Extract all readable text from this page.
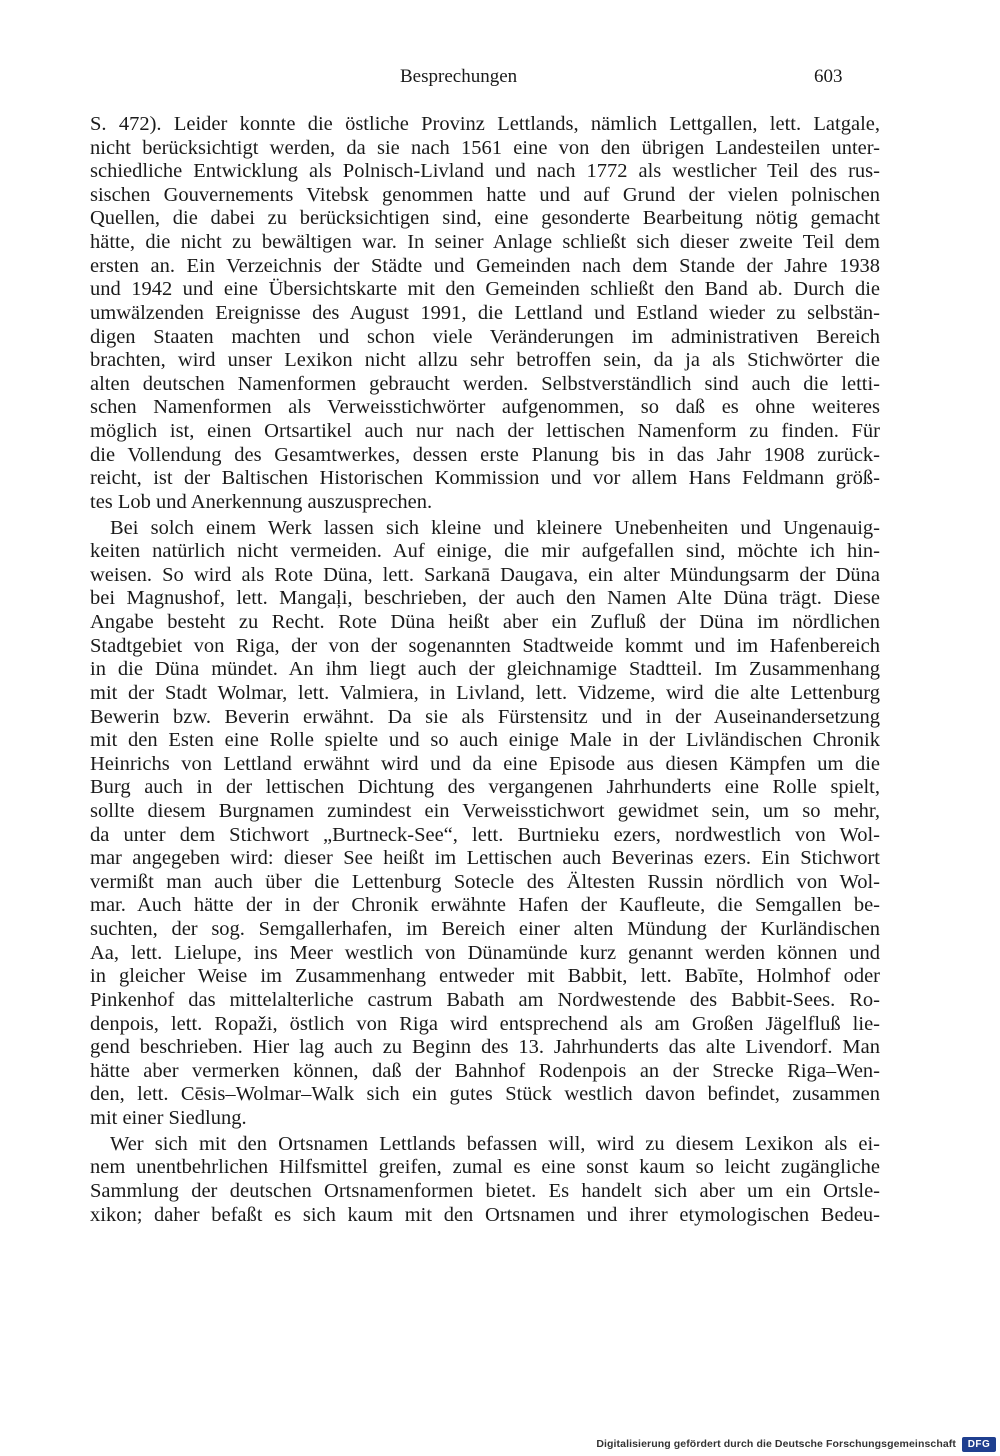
Besprechungen	603
S. 472). Leider konnte die östliche Provinz Lettlands, nämlich Lettgallen, lett. Latgale,
nicht berücksichtigt werden, da sie nach 1561 eine von den übrigen Landesteilen unter-
schiedliche Entwicklung als Polnisch-Livland und nach 1772 als westlicher Teil des rus-
sischen Gouvernements Vitebsk genommen hatte und auf Grund der vielen polnischen
Quellen, die dabei zu berücksichtigen sind, eine gesonderte Bearbeitung nötig gemacht
hätte, die nicht zu bewältigen war. In seiner Anlage schließt sich dieser zweite Teil dem
ersten an. Ein Verzeichnis der Städte und Gemeinden nach dem Stande der Jahre 1938
und 1942 und eine Übersichtskarte mit den Gemeinden schließt den Band ab. Durch die
umwälzenden Ereignisse des August 1991, die Lettland und Estland wieder zu selbstän-
digen Staaten machten und schon viele Veränderungen im administrativen Bereich
brachten, wird unser Lexikon nicht allzu sehr betroffen sein, da ja als Stichwörter die
alten deutschen Namenformen gebraucht werden. Selbstverständlich sind auch die letti-
schen Namenformen als Verweisstichwörter aufgenommen, so daß es ohne weiteres
möglich ist, einen Ortsartikel auch nur nach der lettischen Namenform zu finden. Für
die Vollendung des Gesamtwerkes, dessen erste Planung bis in das Jahr 1908 zurück-
reicht, ist der Baltischen Historischen Kommission und vor allem Hans Feldmann größ-
tes Lob und Anerkennung auszusprechen.
Bei solch einem Werk lassen sich kleine und kleinere Unebenheiten und Ungenauig-
keiten natürlich nicht vermeiden. Auf einige, die mir aufgefallen sind, möchte ich hin-
weisen. So wird als Rote Düna, lett. Sarkanā Daugava, ein alter Mündungsarm der Düna
bei Magnushof, lett. Mangaļi, beschrieben, der auch den Namen Alte Düna trägt. Diese
Angabe besteht zu Recht. Rote Düna heißt aber ein Zufluß der Düna im nördlichen
Stadtgebiet von Riga, der von der sogenannten Stadtweide kommt und im Hafenbereich
in die Düna mündet. An ihm liegt auch der gleichnamige Stadtteil. Im Zusammenhang
mit der Stadt Wolmar, lett. Valmiera, in Livland, lett. Vidzeme, wird die alte Lettenburg
Bewerin bzw. Beverin erwähnt. Da sie als Fürstensitz und in der Auseinandersetzung
mit den Esten eine Rolle spielte und so auch einige Male in der Livländischen Chronik
Heinrichs von Lettland erwähnt wird und da eine Episode aus diesen Kämpfen um die
Burg auch in der lettischen Dichtung des vergangenen Jahrhunderts eine Rolle spielt,
sollte diesem Burgnamen zumindest ein Verweisstichwort gewidmet sein, um so mehr,
da unter dem Stichwort „Burtneck-See“, lett. Burtnieku ezers, nordwestlich von Wol-
mar angegeben wird: dieser See heißt im Lettischen auch Beverinas ezers. Ein Stichwort
vermißt man auch über die Lettenburg Sotecle des Ältesten Russin nördlich von Wol-
mar. Auch hätte der in der Chronik erwähnte Hafen der Kaufleute, die Semgallen be-
suchten, der sog. Semgallerhafen, im Bereich einer alten Mündung der Kurländischen
Aa, lett. Lielupe, ins Meer westlich von Dünamünde kurz genannt werden können und
in gleicher Weise im Zusammenhang entweder mit Babbit, lett. Babīte, Holmhof oder
Pinkenhof das mittelalterliche castrum Babath am Nordwestende des Babbit-Sees. Ro-
denpois, lett. Ropaži, östlich von Riga wird entsprechend als am Großen Jägelfluß lie-
gend beschrieben. Hier lag auch zu Beginn des 13. Jahrhunderts das alte Livendorf. Man
hätte aber vermerken können, daß der Bahnhof Rodenpois an der Strecke Riga–Wen-
den, lett. Cēsis–Wolmar–Walk sich ein gutes Stück westlich davon befindet, zusammen
mit einer Siedlung.
Wer sich mit den Ortsnamen Lettlands befassen will, wird zu diesem Lexikon als ei-
nem unentbehrlichen Hilfsmittel greifen, zumal es eine sonst kaum so leicht zugängliche
Sammlung der deutschen Ortsnamenformen bietet. Es handelt sich aber um ein Ortsle-
xikon; daher befaßt es sich kaum mit den Ortsnamen und ihrer etymologischen Bedeu-
Digitalisierung gefördert durch die Deutsche Forschungsgemeinschaft	DFG
